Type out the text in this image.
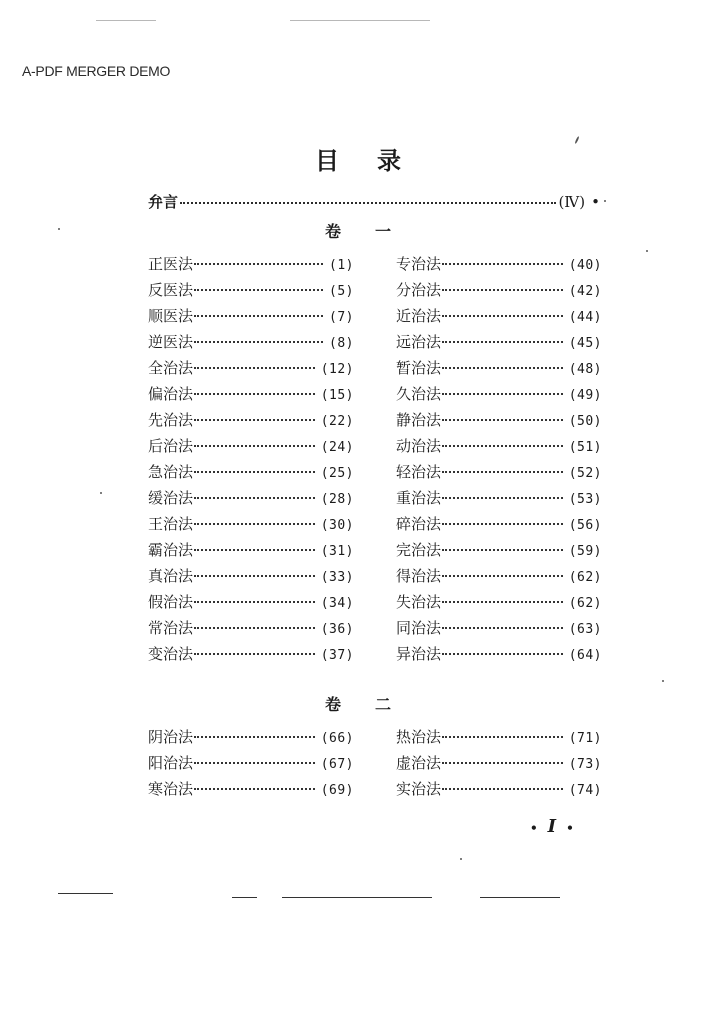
A-PDF MERGER DEMO
目录
弁言	(Ⅳ) •
卷一
正医法	(1)
反医法	(5)
顺医法	(7)
逆医法	(8)
全治法	(12)
偏治法	(15)
先治法	(22)
后治法	(24)
急治法	(25)
缓治法	(28)
王治法	(30)
霸治法	(31)
真治法	(33)
假治法	(34)
常治法	(36)
变治法	(37)
专治法	(40)
分治法	(42)
近治法	(44)
远治法	(45)
暂治法	(48)
久治法	(49)
静治法	(50)
动治法	(51)
轻治法	(52)
重治法	(53)
碎治法	(56)
完治法	(59)
得治法	(62)
失治法	(62)
同治法	(63)
异治法	(64)
卷二
阴治法	(66)
阳治法	(67)
寒治法	(69)
热治法	(71)
虚治法	(73)
实治法	(74)
• I •
